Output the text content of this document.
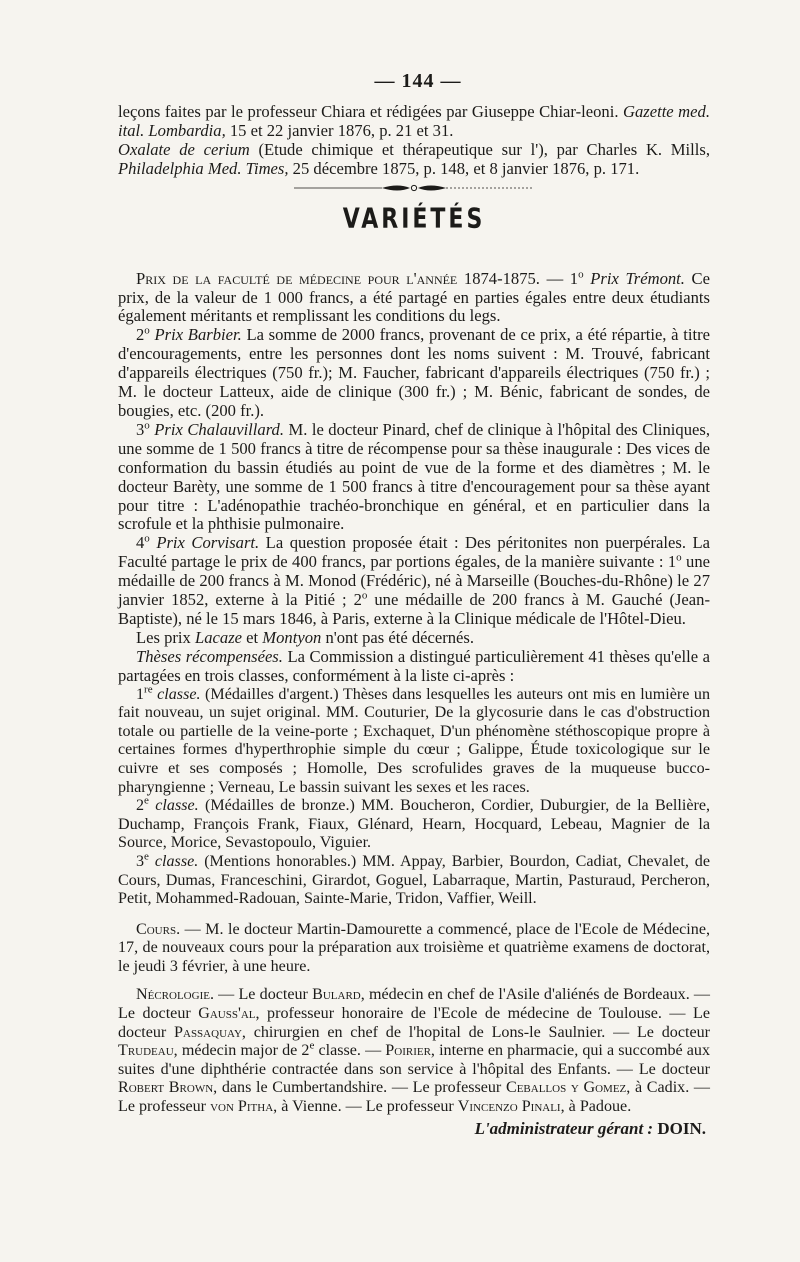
— 144 —

leçons faites par le professeur Chiara et rédigées par Giuseppe Chiar-leoni. Gazette med. ital. Lombardia, 15 et 22 janvier 1876, p. 21 et 31.
Oxalate de cerium (Etude chimique et thérapeutique sur l'), par Charles K. Mills, Philadelphia Med. Times, 25 décembre 1875, p. 148, et 8 janvier 1876, p. 171.

VARIÉTÉS

Prix de la faculté de médecine pour l'année 1874-1875. — 1$^o$ Prix Trémont. Ce prix, de la valeur de 1 000 francs, a été partagé en parties égales entre deux étudiants également méritants et remplissant les conditions du legs.

2$^o$ Prix Barbier. La somme de 2000 francs, provenant de ce prix, a été répartie, à titre d'encouragements, entre les personnes dont les noms suivent : M. Trouvé, fabricant d'appareils électriques (750 fr.); M. Faucher, fabricant d'appareils électriques (750 fr.) ; M. le docteur Latteux, aide de clinique (300 fr.) ; M. Bénic, fabricant de sondes, de bougies, etc. (200 fr.).

3$^o$ Prix Chalauvillard. M. le docteur Pinard, chef de clinique à l'hôpital des Cliniques, une somme de 1 500 francs à titre de récompense pour sa thèse inaugurale : Des vices de conformation du bassin étudiés au point de vue de la forme et des diamètres ; M. le docteur Barèty, une somme de 1 500 francs à titre d'encouragement pour sa thèse ayant pour titre : L'adénopathie trachéo-bronchique en général, et en particulier dans la scrofule et la phthisie pulmonaire.

4$^o$ Prix Corvisart. La question proposée était : Des péritonites non puerpérales. La Faculté partage le prix de 400 francs, par portions égales, de la manière suivante : 1$^o$ une médaille de 200 francs à M. Monod (Frédéric), né à Marseille (Bouches-du-Rhône) le 27 janvier 1852, externe à la Pitié ; 2$^o$ une médaille de 200 francs à M. Gauché (Jean-Baptiste), né le 15 mars 1846, à Paris, externe à la Clinique médicale de l'Hôtel-Dieu.

Les prix Lacaze et Montyon n'ont pas été décernés.

Thèses récompensées. La Commission a distingué particulièrement 41 thèses qu'elle a partagées en trois classes, conformément à la liste ci-après :

1re classe. (Médailles d'argent.) Thèses dans lesquelles les auteurs ont mis en lumière un fait nouveau, un sujet original. MM. Couturier, De la glycosurie dans le cas d'obstruction totale ou partielle de la veine-porte ; Exchaquet, D'un phénomène stéthoscopique propre à certaines formes d'hyperthrophie simple du cœur ; Galippe, Étude toxicologique sur le cuivre et ses composés ; Homolle, Des scrofulides graves de la muqueuse bucco-pharyngienne ; Verneau, Le bassin suivant les sexes et les races.

2e classe. (Médailles de bronze.) MM. Boucheron, Cordier, Duburgier, de la Bellière, Duchamp, François Frank, Fiaux, Glénard, Hearn, Hocquard, Lebeau, Magnier de la Source, Morice, Sevastopoulo, Viguier.

3e classe. (Mentions honorables.) MM. Appay, Barbier, Bourdon, Cadiat, Chevalet, de Cours, Dumas, Franceschini, Girardot, Goguel, Labarraque, Martin, Pasturaud, Percheron, Petit, Mohammed-Radouan, Sainte-Marie, Tridon, Vaffier, Weill.

Cours. — M. le docteur Martin-Damourette a commencé, place de l'Ecole de Médecine, 17, de nouveaux cours pour la préparation aux troisième et quatrième examens de doctorat, le jeudi 3 février, à une heure.

Nécrologie. — Le docteur Bulard, médecin en chef de l'Asile d'aliénés de Bordeaux. — Le docteur Gauss'al, professeur honoraire de l'Ecole de médecine de Toulouse. — Le docteur Passaquay, chirurgien en chef de l'hopital de Lons-le Saulnier. — Le docteur Trudeau, médecin major de 2e classe. — Poirier, interne en pharmacie, qui a succombé aux suites d'une diphthérie contractée dans son service à l'hôpital des Enfants. — Le docteur Robert Brown, dans le Cumbertandshire. — Le professeur Ceballos y Gomez, à Cadix. — Le professeur von Pitha, à Vienne. — Le professeur Vincenzo Pinali, à Padoue.

L'administrateur gérant : DOIN.
